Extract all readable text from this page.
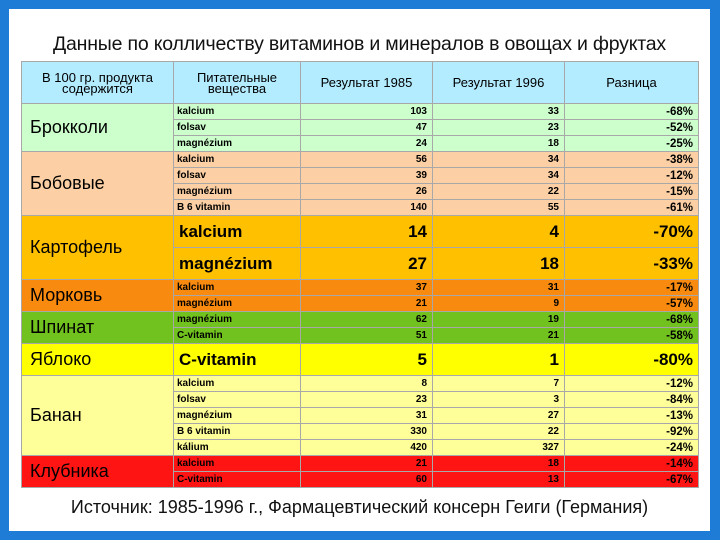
Данные по колличеству витаминов и минералов в овощах и фруктах
В 100 гр. продукта содержится	Питательные вещества	Результат 1985	Результат 1996	Разница
Брокколи	kalcium	103	33	-68%
	folsav	47	23	-52%
	magnézium	24	18	-25%
Бобовые	kalcium	56	34	-38%
	folsav	39	34	-12%
	magnézium	26	22	-15%
	B 6 vitamin	140	55	-61%
Картофель	kalcium	14	4	-70%
	magnézium	27	18	-33%
Морковь	kalcium	37	31	-17%
	magnézium	21	9	-57%
Шпинат	magnézium	62	19	-68%
	C-vitamin	51	21	-58%
Яблоко	C-vitamin	5	1	-80%
Банан	kalcium	8	7	-12%
	folsav	23	3	-84%
	magnézium	31	27	-13%
	B 6 vitamin	330	22	-92%
	kálium	420	327	-24%
Клубника	kalcium	21	18	-14%
	C-vitamin	60	13	-67%
Источник: 1985-1996 г., Фармацевтический консерн Геиги (Германия)
